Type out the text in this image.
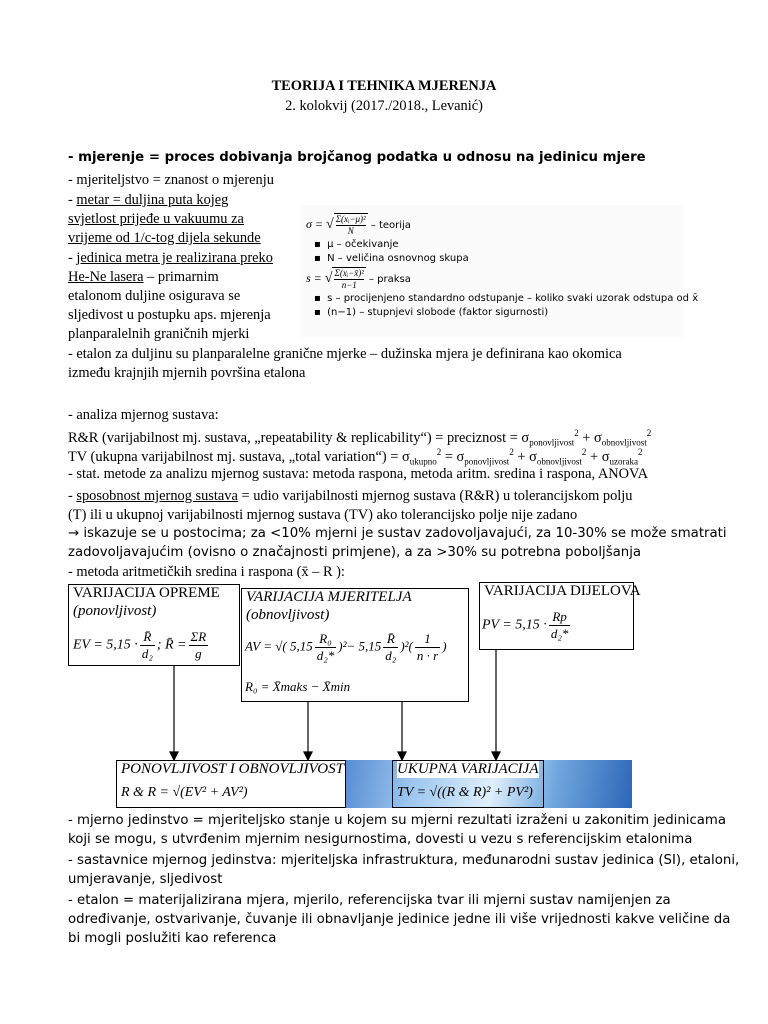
TEORIJA I TEHNIKA MJERENJA
2. kolokvij (2017./2018., Levanić)
- mjerenje = proces dobivanja brojčanog podatka u odnosu na jedinicu mjere
- mjeriteljstvo = znanost o mjerenju
- metar = duljina puta kojeg
svjetlost prijeđe u vakuumu za
vrijeme od 1/c-tog dijela sekunde
- jedinica metra je realizirana preko
He-Ne lasera – primarnim
etalonom duljine osigurava se
sljedivost u postupku aps. mjerenja
planparalelnih graničnih mjerki
σ = √ $\frac{\text{Σ(xᵢ−μ)²}}{N}$ – teorija
▪  μ – očekivanje
▪  N – veličina osnovnog skupa
s = √ $\frac{\text{Σ(xᵢ−x̄)²}}{n-1}$ – praksa
▪  s – procijenjeno standardno odstupanje – koliko svaki uzorak odstupa od x̄
▪  (n−1) – stupnjevi slobode (faktor sigurnosti)
- etalon za duljinu su planparalelne granične mjerke – dužinska mjera je definirana kao okomica
između krajnjih mjernih površina etalona
- analiza mjernog sustava:
R&R (varijabilnost mj. sustava, „repeatability & replicability“) = preciznost = $\sigma_{ponovljivost}^2 + \sigma_{obnovljivost}^2$
TV (ukupna varijabilnost mj. sustava, „total variation“) = $\sigma_{ukupno}^2 = \sigma_{ponovljivost}^2 + \sigma_{obnovljivost}^2 + \sigma_{uzoraka}^2$
- stat. metode za analizu mjernog sustava: metoda raspona, metoda aritm. sredina i raspona, ANOVA
- sposobnost mjernog sustava = udio varijabilnosti mjernog sustava (R&R) u tolerancijskom polju
(T) ili u ukupnoj varijabilnosti mjernog sustava (TV) ako tolerancijsko polje nije zadano
→ iskazuje se u postocima; za <10% mjerni je sustav zadovoljavajući, za 10-30% se može smatrati
zadovoljavajućim (ovisno o značajnosti primjene), a za >30% su potrebna poboljšanja
- metoda aritmetičkih sredina i raspona (x̄ – R ):
VARIJACIJA OPREME
(ponovljivost)
EV = $5,15 \cdot \frac{R̄}{\text{d₂}}$ ; R̄ = $\frac{\Sigma R}{g}$
VARIJACIJA MJERITELJA
(obnovljivost)
AV = √( $5,15 \frac{\text{R₀}}{\text{d₂*}} )^2- 5,15 \frac{R̄}{\text{d₂}} )^2( \frac{1}{n \cdot r}$ )
R₀ = X̄maks − X̄min
VARIJACIJA DIJELOVA
PV = $5,15 \cdot \frac{Rp}{\text{d₂*}}$
PONOVLJIVOST I OBNOVLJIVOST
R & R = √(EV² + AV²)
UKUPNA VARIJACIJA
TV = √((R & R)² + PV²)
- mjerno jedinstvo = mjeriteljsko stanje u kojem su mjerni rezultati izraženi u zakonitim jedinicama
koji se mogu, s utvrđenim mjernim nesigurnostima, dovesti u vezu s referencijskim etalonima
- sastavnice mjernog jedinstva: mjeriteljska infrastruktura, međunarodni sustav jedinica (SI), etaloni,
umjeravanje, sljedivost
- etalon = materijalizirana mjera, mjerilo, referencijska tvar ili mjerni sustav namijenjen za
određivanje, ostvarivanje, čuvanje ili obnavljanje jedinice jedne ili više vrijednosti kakve veličine da
bi mogli poslužiti kao referenca
